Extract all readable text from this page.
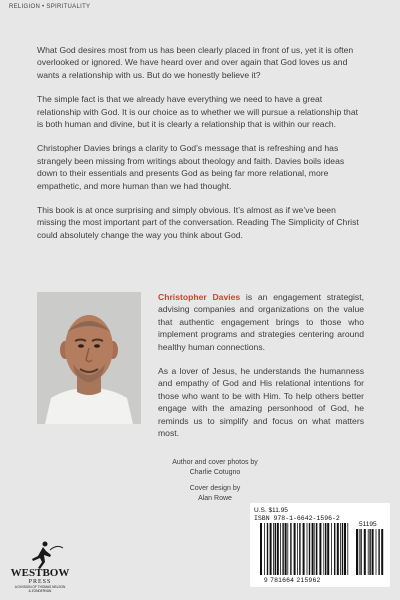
RELIGION • SPIRITUALITY

What God desires most from us has been clearly placed in front of us, yet it is often overlooked or ignored. We have heard over and over again that God loves us and wants a relationship with us. But do we honestly believe it?

The simple fact is that we already have everything we need to have a great relationship with God. It is our choice as to whether we will pursue a relationship that is both human and divine, but it is clearly a relationship that is within our reach.

Christopher Davies brings a clarity to God’s message that is refreshing and has strangely been missing from writings about theology and faith. Davies boils ideas down to their essentials and presents God as being far more relational, more empathetic, and more human than we had thought.

This book is at once surprising and simply obvious. It’s almost as if we’ve been missing the most important part of the conversation. Reading The Simplicity of Christ could absolutely change the way you think about God.

Christopher Davies is an engagement strategist, advising companies and organizations on the value that authentic engagement brings to those who implement programs and strategies centering around healthy human connections.

As a lover of Jesus, he understands the humanness and empathy of God and His relational intentions for those who want to be with Him. To help others better engage with the amazing personhood of God, he reminds us to simplify and focus on what matters most.

Author and cover photos by
Charlie Cotugno

Cover design by
Alan Rowe

WESTBOW
PRESS
A DIVISION OF THOMAS NELSON
& ZONDERVAN
U.S. $11.95
ISBN 978-1-6642-1596-2
51195
9 781664 215962
